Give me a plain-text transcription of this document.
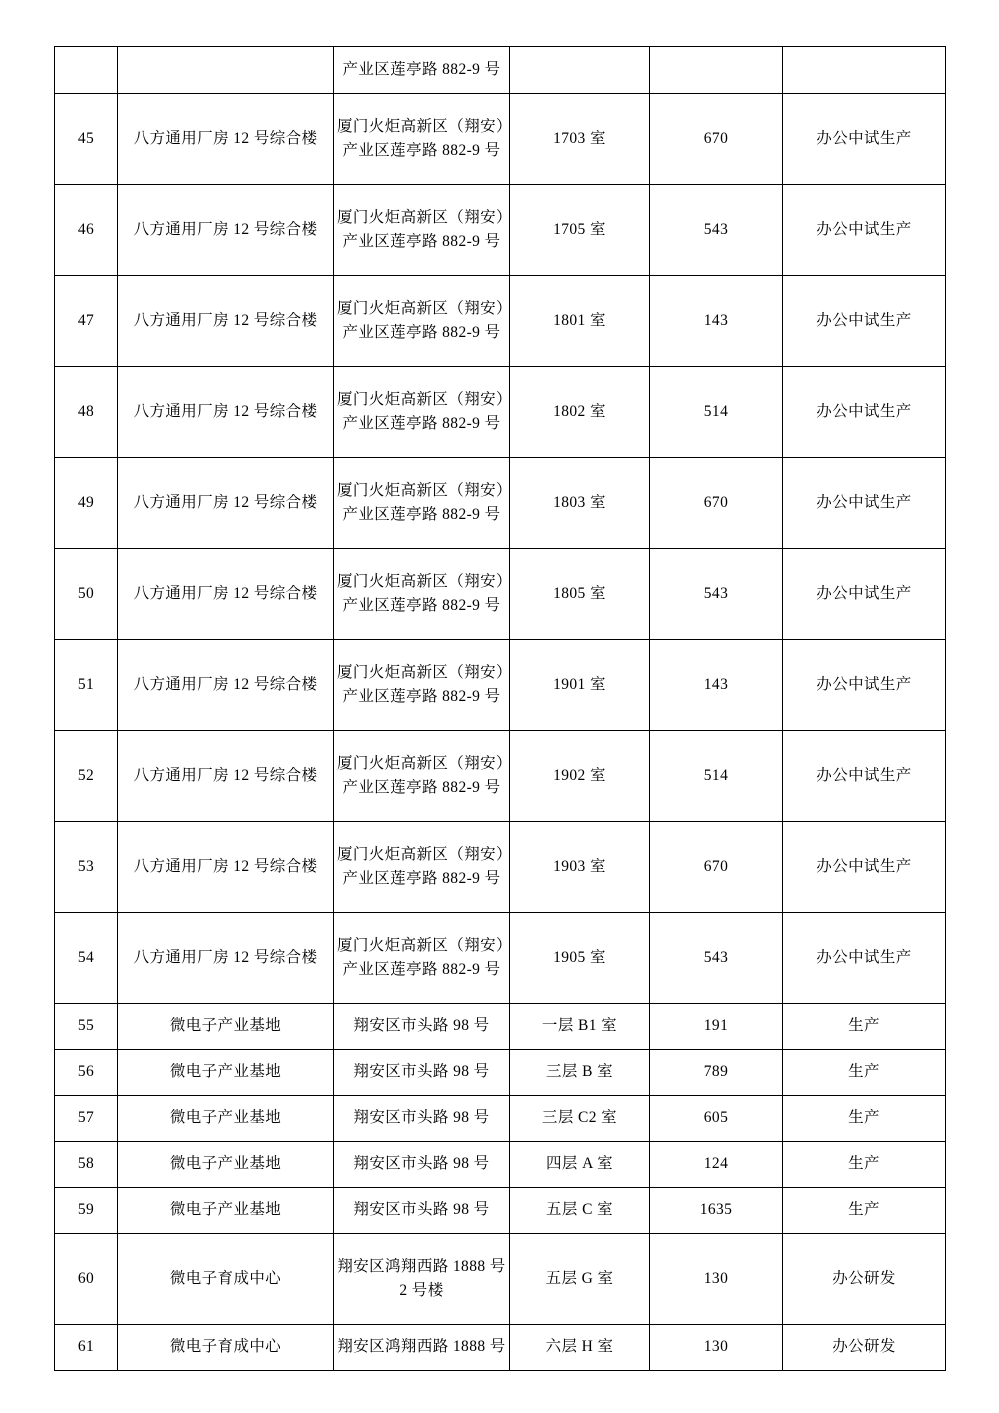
		产业区莲亭路 882-9 号			

45	八方通用厂房 12 号综合楼	厦门火炬高新区（翔安）
产业区莲亭路 882-9 号	1703 室	670	办公中试生产
46	八方通用厂房 12 号综合楼	厦门火炬高新区（翔安）
产业区莲亭路 882-9 号	1705 室	543	办公中试生产
47	八方通用厂房 12 号综合楼	厦门火炬高新区（翔安）
产业区莲亭路 882-9 号	1801 室	143	办公中试生产
48	八方通用厂房 12 号综合楼	厦门火炬高新区（翔安）
产业区莲亭路 882-9 号	1802 室	514	办公中试生产
49	八方通用厂房 12 号综合楼	厦门火炬高新区（翔安）
产业区莲亭路 882-9 号	1803 室	670	办公中试生产
50	八方通用厂房 12 号综合楼	厦门火炬高新区（翔安）
产业区莲亭路 882-9 号	1805 室	543	办公中试生产
51	八方通用厂房 12 号综合楼	厦门火炬高新区（翔安）
产业区莲亭路 882-9 号	1901 室	143	办公中试生产
52	八方通用厂房 12 号综合楼	厦门火炬高新区（翔安）
产业区莲亭路 882-9 号	1902 室	514	办公中试生产
53	八方通用厂房 12 号综合楼	厦门火炬高新区（翔安）
产业区莲亭路 882-9 号	1903 室	670	办公中试生产
54	八方通用厂房 12 号综合楼	厦门火炬高新区（翔安）
产业区莲亭路 882-9 号	1905 室	543	办公中试生产
55	微电子产业基地	翔安区市头路 98 号	一层 B1 室	191	生产
56	微电子产业基地	翔安区市头路 98 号	三层 B 室	789	生产
57	微电子产业基地	翔安区市头路 98 号	三层 C2 室	605	生产
58	微电子产业基地	翔安区市头路 98 号	四层 A 室	124	生产
59	微电子产业基地	翔安区市头路 98 号	五层 C 室	1635	生产
60	微电子育成中心	翔安区鸿翔西路 1888 号
2 号楼	五层 G 室	130	办公研发
61	微电子育成中心	翔安区鸿翔西路 1888 号	六层 H 室	130	办公研发
